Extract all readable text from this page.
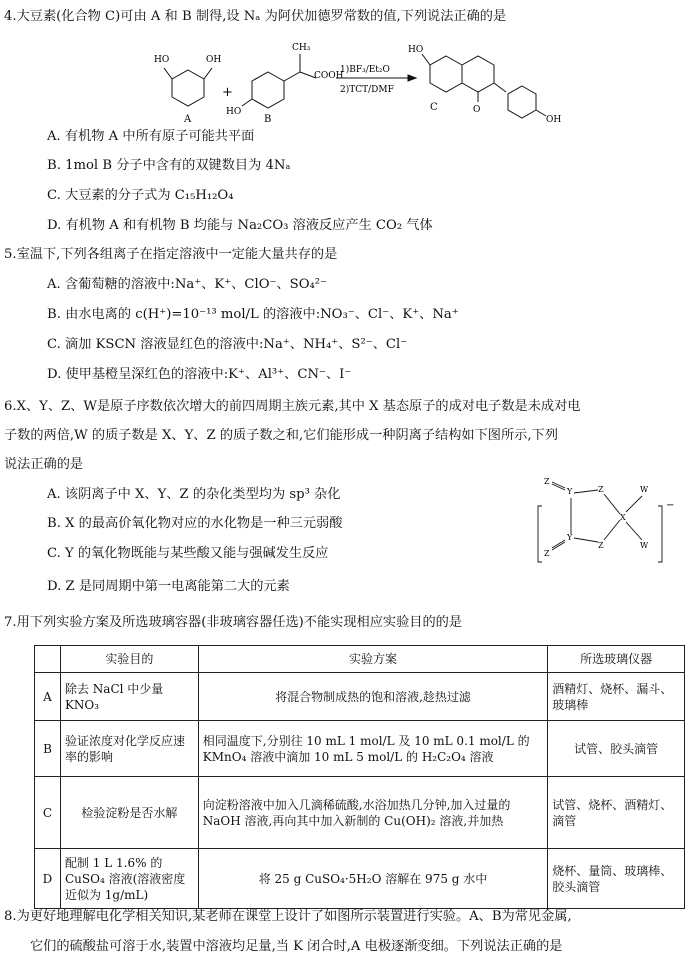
4.大豆素(化合物 C)可由 A 和 B 制得,设 Nₐ 为阿伏加德罗常数的值,下列说法正确的是
HO	OH
A
+
CH₃
COOH
HO
B
1)BF₃/Et₂O
2)TCT/DMF
HO
O
OH
C
A. 有机物 A 中所有原子可能共平面
B. 1mol B 分子中含有的双键数目为 4Nₐ
C. 大豆素的分子式为 C₁₅H₁₂O₄
D. 有机物 A 和有机物 B 均能与 Na₂CO₃ 溶液反应产生 CO₂ 气体
5.室温下,下列各组离子在指定溶液中一定能大量共存的是
A. 含葡萄糖的溶液中:Na⁺、K⁺、ClO⁻、SO₄²⁻
B. 由水电离的 c(H⁺)=10⁻¹³ mol/L 的溶液中:NO₃⁻、Cl⁻、K⁺、Na⁺
C. 滴加 KSCN 溶液显红色的溶液中:Na⁺、NH₄⁺、S²⁻、Cl⁻
D. 使甲基橙呈深红色的溶液中:K⁺、Al³⁺、CN⁻、I⁻
6.X、Y、Z、W是原子序数依次增大的前四周期主族元素,其中 X 基态原子的成对电子数是未成对电
子数的两倍,W 的质子数是 X、Y、Z 的质子数之和,它们能形成一种阴离子结构如下图所示,下列
说法正确的是
A. 该阴离子中 X、Y、Z 的杂化类型均为 sp³ 杂化
B. X 的最高价氧化物对应的水化物是一种三元弱酸
C. Y 的氧化物既能与某些酸又能与强碱发生反应
D. Z 是同周期中第一电离能第二大的元素
Z
Y	Z
X
W
Y
Z
Z
W
−
7.用下列实验方案及所选玻璃容器(非玻璃容器任选)不能实现相应实验目的的是
	实验目的	实验方案	所选玻璃仪器
A	除去 NaCl 中少量 KNO₃	将混合物制成热的饱和溶液,趁热过滤	酒精灯、烧杯、漏斗、玻璃棒
B	验证浓度对化学反应速率的影响	相同温度下,分别往 10 mL 1 mol/L 及 10 mL 0.1 mol/L 的 KMnO₄ 溶液中滴加 10 mL 5 mol/L 的 H₂C₂O₄ 溶液	试管、胶头滴管
C	检验淀粉是否水解	向淀粉溶液中加入几滴稀硫酸,水浴加热几分钟,加入过量的 NaOH 溶液,再向其中加入新制的 Cu(OH)₂ 溶液,并加热	试管、烧杯、酒精灯、滴管
D	配制 1 L 1.6% 的 CuSO₄ 溶液(溶液密度近似为 1g/mL)	将 25 g CuSO₄·5H₂O 溶解在 975 g 水中	烧杯、量筒、玻璃棒、胶头滴管
8.为更好地理解电化学相关知识,某老师在课堂上设计了如图所示装置进行实验。A、B为常见金属,
它们的硫酸盐可溶于水,装置中溶液均足量,当 K 闭合时,A 电极逐渐变细。下列说法正确的是
